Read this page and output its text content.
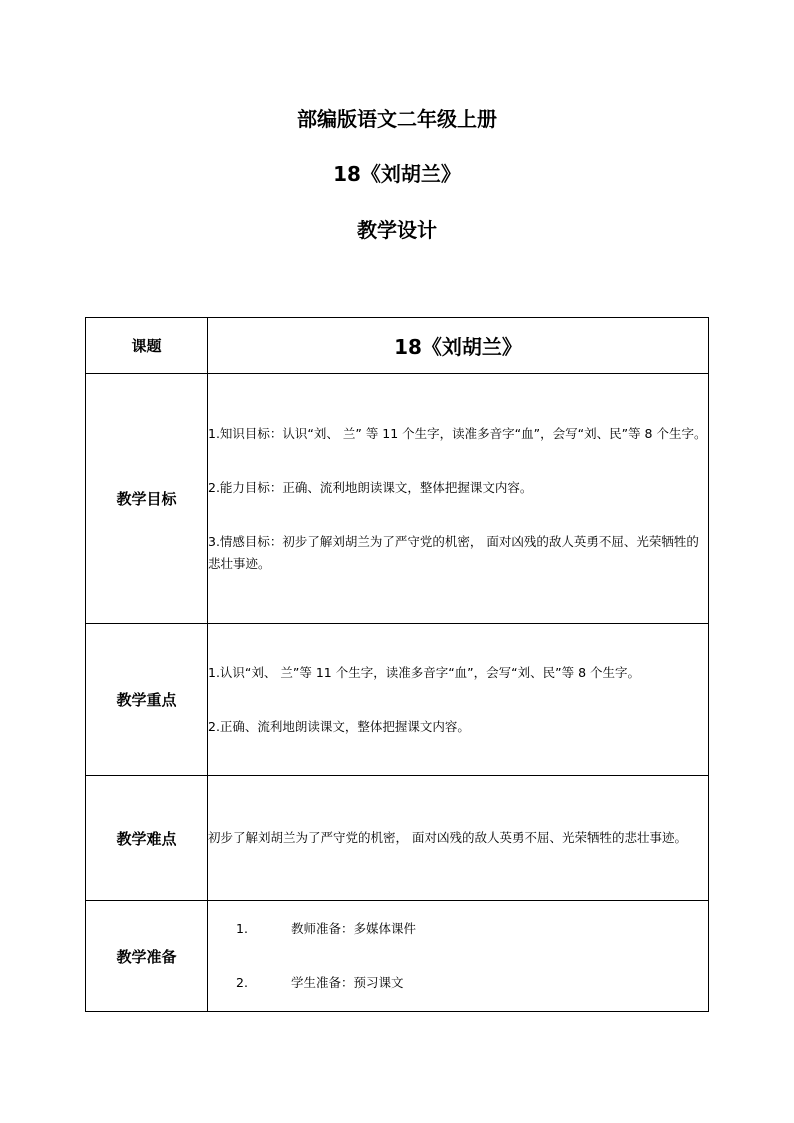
部编版语文二年级上册
18《刘胡兰》
教学设计
课题	18《刘胡兰》
教学目标	1.知识目标：认识“刘、 兰” 等 11 个生字，读准多音字“血”，会写“刘、民”等 8 个生字。
2.能力目标：正确、流利地朗读课文，整体把握课文内容。
3.情感目标：初步了解刘胡兰为了严守党的机密， 面对凶残的敌人英勇不屈、光荣牺牲的悲壮事迹。

教学重点	1.认识“刘、 兰”等 11 个生字，读准多音字“血”，会写“刘、民”等 8 个生字。
2.正确、流利地朗读课文，整体把握课文内容。

教学难点	初步了解刘胡兰为了严守党的机密， 面对凶残的敌人英勇不屈、光荣牺牲的悲壮事迹。

教学准备	1. 教师准备：多媒体课件
2. 学生准备：预习课文
